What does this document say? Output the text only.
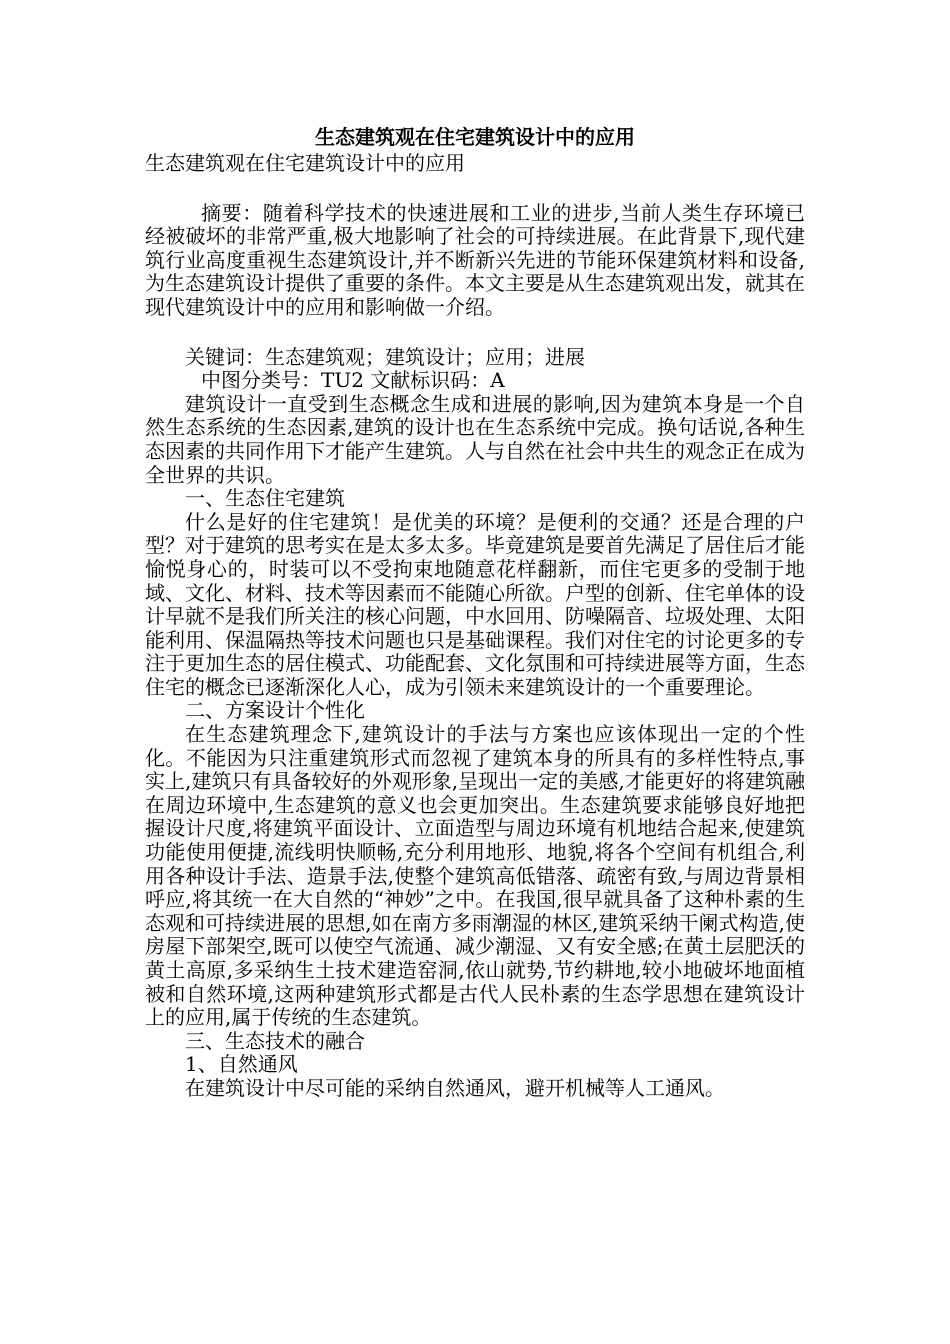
生态建筑观在住宅建筑设计中的应用

生态建筑观在住宅建筑设计中的应用

摘要：随着科学技术的快速进展和工业的进步,当前人类生存环境已经被破坏的非常严重,极大地影响了社会的可持续进展。在此背景下,现代建筑行业高度重视生态建筑设计,并不断新兴先进的节能环保建筑材料和设备,为生态建筑设计提供了重要的条件。本文主要是从生态建筑观出发，就其在现代建筑设计中的应用和影响做一介绍。

关键词：生态建筑观；建筑设计；应用；进展

中图分类号：TU2 文献标识码：A

建筑设计一直受到生态概念生成和进展的影响,因为建筑本身是一个自然生态系统的生态因素,建筑的设计也在生态系统中完成。换句话说,各种生态因素的共同作用下才能产生建筑。人与自然在社会中共生的观念正在成为全世界的共识。

一、生态住宅建筑

什么是好的住宅建筑！是优美的环境？是便利的交通？还是合理的户型？对于建筑的思考实在是太多太多。毕竟建筑是要首先满足了居住后才能愉悦身心的，时装可以不受拘束地随意花样翻新，而住宅更多的受制于地域、文化、材料、技术等因素而不能随心所欲。户型的创新、住宅单体的设计早就不是我们所关注的核心问题，中水回用、防噪隔音、垃圾处理、太阳能利用、保温隔热等技术问题也只是基础课程。我们对住宅的讨论更多的专注于更加生态的居住模式、功能配套、文化氛围和可持续进展等方面，生态住宅的概念已逐渐深化人心，成为引领未来建筑设计的一个重要理论。

二、方案设计个性化

在生态建筑理念下,建筑设计的手法与方案也应该体现出一定的个性化。不能因为只注重建筑形式而忽视了建筑本身的所具有的多样性特点,事实上,建筑只有具备较好的外观形象,呈现出一定的美感,才能更好的将建筑融在周边环境中,生态建筑的意义也会更加突出。生态建筑要求能够良好地把握设计尺度,将建筑平面设计、立面造型与周边环境有机地结合起来,使建筑功能使用便捷,流线明快顺畅,充分利用地形、地貌,将各个空间有机组合,利用各种设计手法、造景手法,使整个建筑高低错落、疏密有致,与周边背景相呼应,将其统一在大自然的“神妙”之中。在我国,很早就具备了这种朴素的生态观和可持续进展的思想,如在南方多雨潮湿的林区,建筑采纳干阑式构造,使房屋下部架空,既可以使空气流通、减少潮湿、又有安全感;在黄土层肥沃的黄土高原,多采纳生土技术建造窑洞,依山就势,节约耕地,较小地破坏地面植被和自然环境,这两种建筑形式都是古代人民朴素的生态学思想在建筑设计上的应用,属于传统的生态建筑。

三、生态技术的融合

1、自然通风

在建筑设计中尽可能的采纳自然通风，避开机械等人工通风。
